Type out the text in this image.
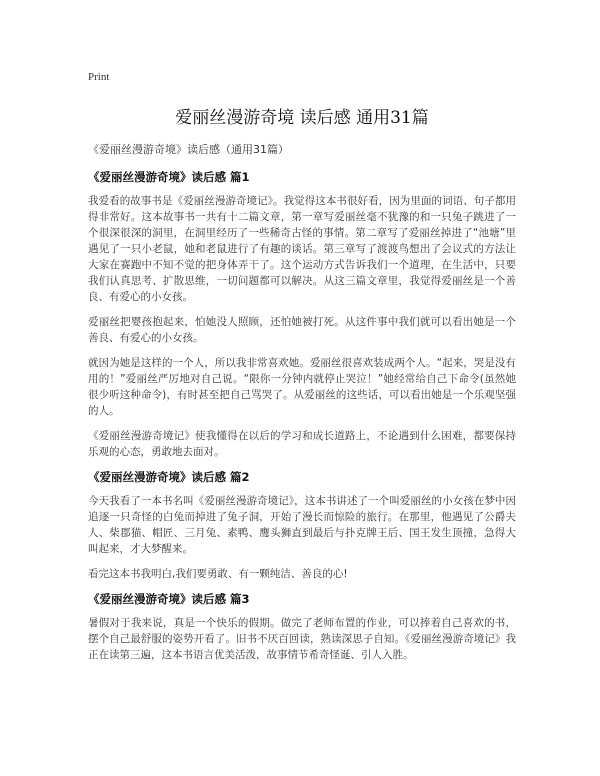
Print
爱丽丝漫游奇境 读后感 通用31篇
《爱丽丝漫游奇境》读后感（通用31篇）
《爱丽丝漫游奇境》读后感 篇1

我爱看的故事书是《爱丽丝漫游奇境记》。我觉得这本书很好看，因为里面的词语、句子都用得非常好。这本故事书一共有十二篇文章，第一章写爱丽丝毫不犹豫的和一只兔子跳进了一个很深很深的洞里，在洞里经历了一些稀奇古怪的事情。第二章写了爱丽丝掉进了“池塘”里遇见了一只小老鼠，她和老鼠进行了有趣的谈话。第三章写了渡渡鸟想出了会议式的方法让大家在赛跑中不知不觉的把身体弄干了。这个运动方式告诉我们一个道理，在生活中，只要我们认真思考、扩散思维，一切问题都可以解决。从这三篇文章里，我觉得爱丽丝是一个善良、有爱心的小女孩。

爱丽丝把婴孩抱起来，怕她没人照顾，还怕她被打死。从这件事中我们就可以看出她是一个善良、有爱心的小女孩。

就因为她是这样的一个人，所以我非常喜欢她。爱丽丝很喜欢装成两个人。“起来，哭是没有用的！”爱丽丝严厉地对自己说。“限你一分钟内就停止哭泣！”她经常给自己下命令(虽然她很少听这种命令)，有时甚至把自己骂哭了。从爱丽丝的这些话，可以看出她是一个乐观坚强的人。

《爱丽丝漫游奇境记》使我懂得在以后的学习和成长道路上，不论遇到什么困难，都要保持乐观的心态，勇敢地去面对。

《爱丽丝漫游奇境》读后感 篇2

今天我看了一本书名叫《爱丽丝漫游奇境记》，这本书讲述了一个叫爱丽丝的小女孩在梦中因追逐一只奇怪的白兔而掉进了兔子洞，开始了漫长而惊险的旅行。在那里，他遇见了公爵夫人、柴郡猫、帽匠、三月兔、素鸭、鹰头狮直到最后与扑克牌王后、国王发生顶撞，急得大叫起来，才大梦醒来。

看完这本书我明白,我们要勇敢、有一颗纯洁、善良的心!

《爱丽丝漫游奇境》读后感 篇3

暑假对于我来说，真是一个快乐的假期。做完了老师布置的作业，可以捧着自己喜欢的书，摆个自己最舒服的姿势开看了。旧书不厌百回读，熟读深思子自知。《爱丽丝漫游奇境记》我正在读第三遍，这本书语言优美活泼，故事情节希奇怪诞、引人入胜。
